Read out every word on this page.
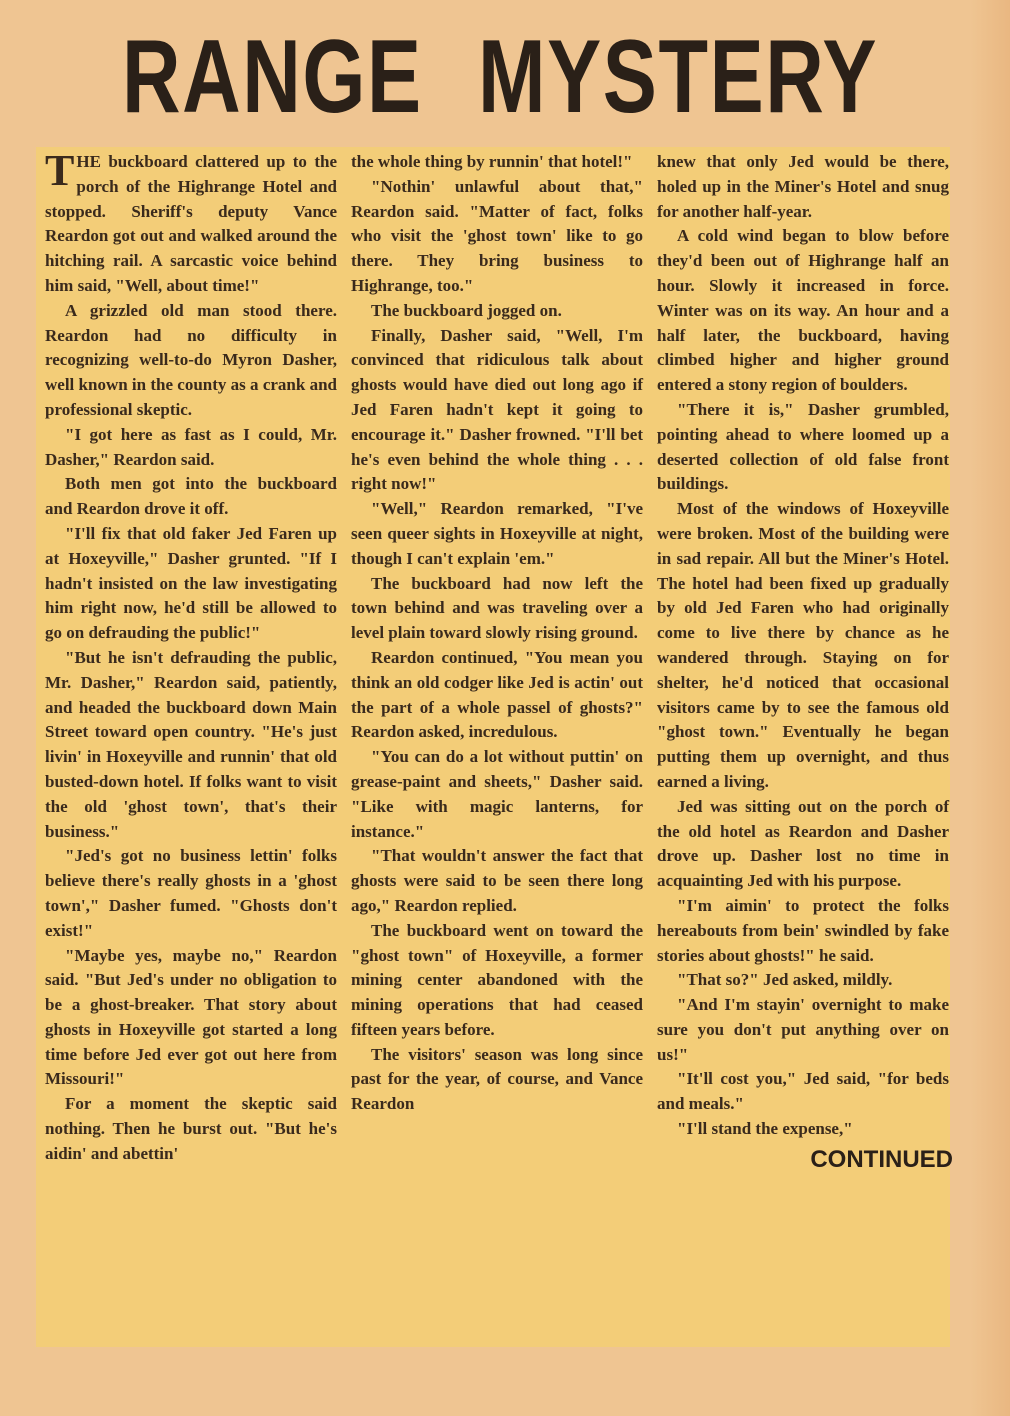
RANGE MYSTERY

THE buckboard clattered up to the porch of the Highrange Hotel and stopped. Sheriff's deputy Vance Reardon got out and walked around the hitching rail. A sarcastic voice behind him said, "Well, about time!"

A grizzled old man stood there. Reardon had no difficulty in recognizing well-to-do Myron Dasher, well known in the county as a crank and professional skeptic.

"I got here as fast as I could, Mr. Dasher," Reardon said.

Both men got into the buckboard and Reardon drove it off.

"I'll fix that old faker Jed Faren up at Hoxeyville," Dasher grunted. "If I hadn't insisted on the law investigating him right now, he'd still be allowed to go on defrauding the public!"

"But he isn't defrauding the public, Mr. Dasher," Reardon said, patiently, and headed the buckboard down Main Street toward open country. "He's just livin' in Hoxeyville and runnin' that old busted-down hotel. If folks want to visit the old 'ghost town', that's their business."

"Jed's got no business lettin' folks believe there's really ghosts in a 'ghost town'," Dasher fumed. "Ghosts don't exist!"

"Maybe yes, maybe no," Reardon said. "But Jed's under no obligation to be a ghost-breaker. That story about ghosts in Hoxeyville got started a long time before Jed ever got out here from Missouri!"

For a moment the skeptic said nothing. Then he burst out. "But he's aidin' and abettin'

the whole thing by runnin' that hotel!"

"Nothin' unlawful about that," Reardon said. "Matter of fact, folks who visit the 'ghost town' like to go there. They bring business to Highrange, too."

The buckboard jogged on.

Finally, Dasher said, "Well, I'm convinced that ridiculous talk about ghosts would have died out long ago if Jed Faren hadn't kept it going to encourage it." Dasher frowned. "I'll bet he's even behind the whole thing . . . right now!"

"Well," Reardon remarked, "I've seen queer sights in Hoxeyville at night, though I can't explain 'em."

The buckboard had now left the town behind and was traveling over a level plain toward slowly rising ground.

Reardon continued, "You mean you think an old codger like Jed is actin' out the part of a whole passel of ghosts?" Reardon asked, incredulous.

"You can do a lot without puttin' on grease-paint and sheets," Dasher said. "Like with magic lanterns, for instance."

"That wouldn't answer the fact that ghosts were said to be seen there long ago," Reardon replied.

The buckboard went on toward the "ghost town" of Hoxeyville, a former mining center abandoned with the mining operations that had ceased fifteen years before.

The visitors' season was long since past for the year, of course, and Vance Reardon

knew that only Jed would be there, holed up in the Miner's Hotel and snug for another half-year.

A cold wind began to blow before they'd been out of Highrange half an hour. Slowly it increased in force. Winter was on its way. An hour and a half later, the buckboard, having climbed higher and higher ground entered a stony region of boulders.

"There it is," Dasher grumbled, pointing ahead to where loomed up a deserted collection of old false front buildings.

Most of the windows of Hoxeyville were broken. Most of the building were in sad repair. All but the Miner's Hotel. The hotel had been fixed up gradually by old Jed Faren who had originally come to live there by chance as he wandered through. Staying on for shelter, he'd noticed that occasional visitors came by to see the famous old "ghost town." Eventually he began putting them up overnight, and thus earned a living.

Jed was sitting out on the porch of the old hotel as Reardon and Dasher drove up. Dasher lost no time in acquainting Jed with his purpose.

"I'm aimin' to protect the folks hereabouts from bein' swindled by fake stories about ghosts!" he said.

"That so?" Jed asked, mildly.

"And I'm stayin' overnight to make sure you don't put anything over on us!"

"It'll cost you," Jed said, "for beds and meals."

"I'll stand the expense,"

CONTINUED
